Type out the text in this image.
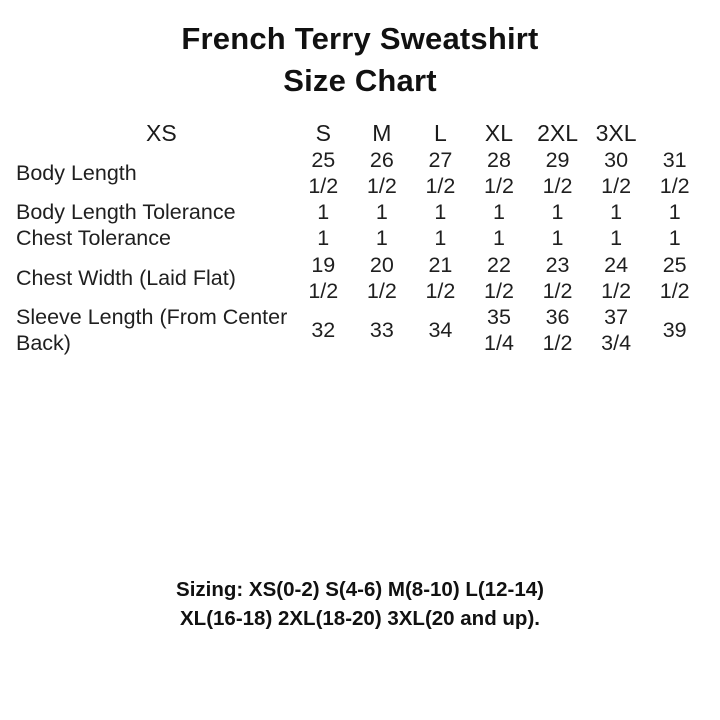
French Terry Sweatshirt Size Chart
XS	S	M	L	XL	2XL	3XL	
Body Length	25 1/2	26 1/2	27 1/2	28 1/2	29 1/2	30 1/2	31 1/2
Body Length Tolerance	1	1	1	1	1	1	1
Chest Tolerance	1	1	1	1	1	1	1
Chest Width (Laid Flat)	19 1/2	20 1/2	21 1/2	22 1/2	23 1/2	24 1/2	25 1/2
Sleeve Length (From Center Back)	32	33	34	35 1/4	36 1/2	37 3/4	39
Sizing: XS(0-2) S(4-6) M(8-10) L(12-14)
XL(16-18) 2XL(18-20) 3XL(20 and up).
